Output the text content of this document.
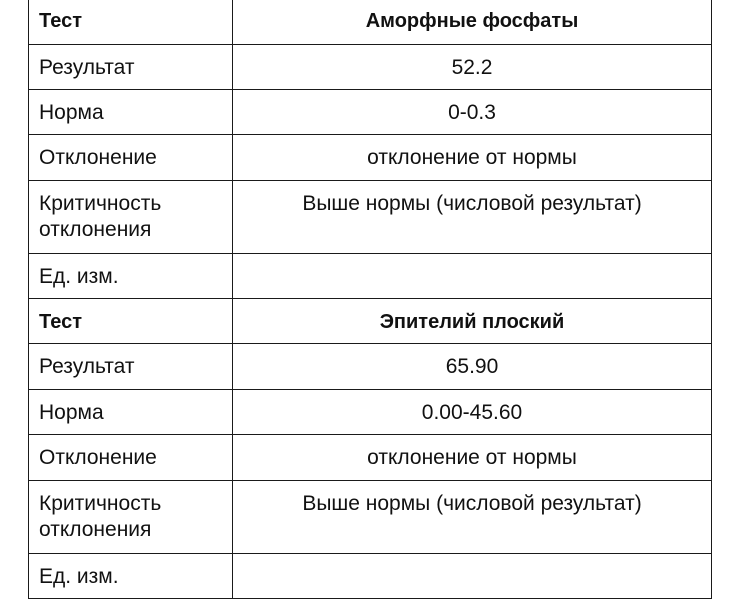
Тест	Аморфные фосфаты
Результат	52.2
Норма	0-0.3
Отклонение	отклонение от нормы
Критичность отклонения	Выше нормы (числовой результат)
Ед. изм.	
Тест	Эпителий плоский
Результат	65.90
Норма	0.00-45.60
Отклонение	отклонение от нормы
Критичность отклонения	Выше нормы (числовой результат)
Ед. изм.	
